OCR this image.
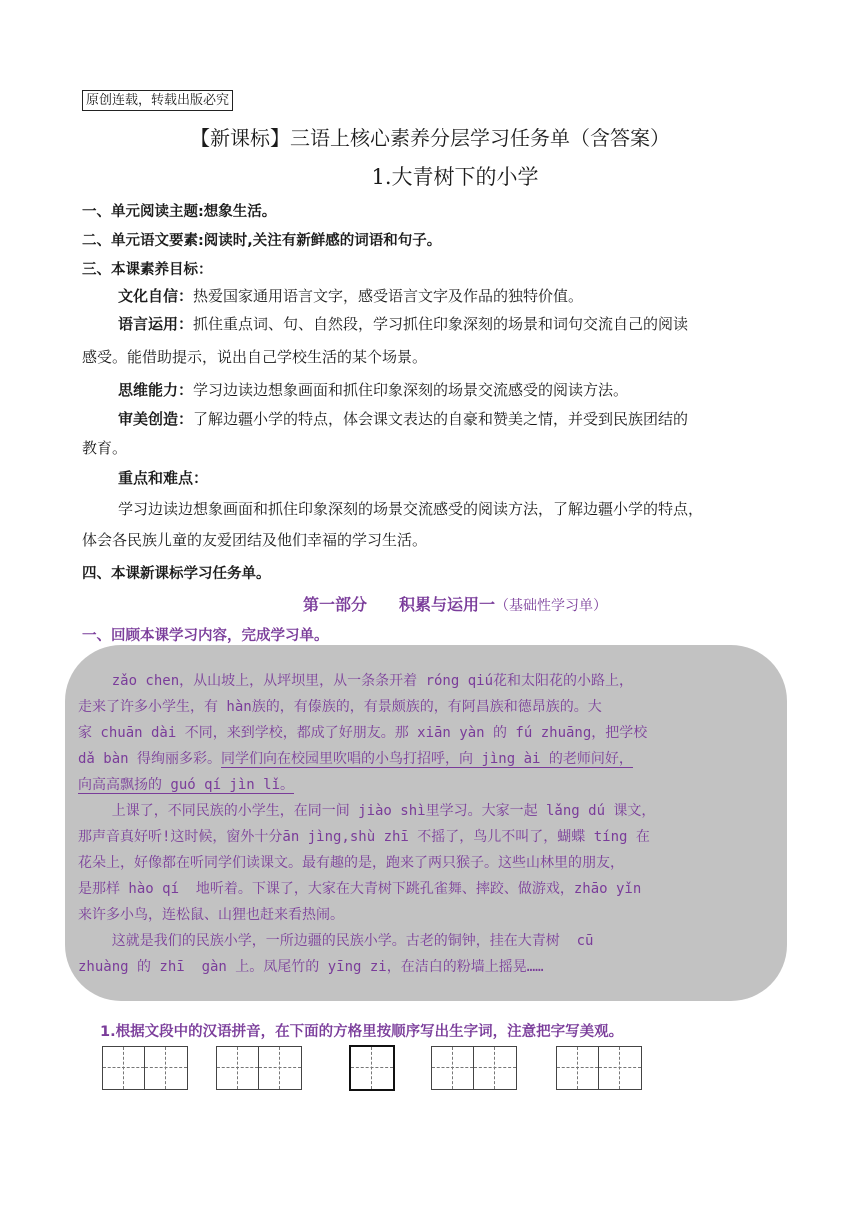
原创连载，转载出版必究
【新课标】三语上核心素养分层学习任务单（含答案）
1.大青树下的小学
一、单元阅读主题:想象生活。
二、单元语文要素:阅读时,关注有新鲜感的词语和句子。
三、本课素养目标：
文化自信：热爱国家通用语言文字，感受语言文字及作品的独特价值。
语言运用：抓住重点词、句、自然段，学习抓住印象深刻的场景和词句交流自己的阅读
感受。能借助提示，说出自己学校生活的某个场景。
思维能力：学习边读边想象画面和抓住印象深刻的场景交流感受的阅读方法。
审美创造：了解边疆小学的特点，体会课文表达的自豪和赞美之情，并受到民族团结的
教育。
重点和难点：
学习边读边想象画面和抓住印象深刻的场景交流感受的阅读方法，了解边疆小学的特点，
体会各民族儿童的友爱团结及他们幸福的学习生活。
四、本课新课标学习任务单。
第一部分　　积累与运用一（基础性学习单）
一、回顾本课学习内容，完成学习单。
zǎo chen，从山坡上，从坪坝里，从一条条开着 róng qiú花和太阳花的小路上，
走来了许多小学生，有 hàn族的，有傣族的，有景颇族的，有阿昌族和德昂族的。大
家 chuān dài 不同，来到学校，都成了好朋友。那 xiān yàn 的 fú zhuāng，把学校
dǎ bàn 得绚丽多彩。同学们向在校园里吹唱的小鸟打招呼，向 jìng ài 的老师问好，
向高高飘扬的 guó qí jìn lǐ。
上课了，不同民族的小学生，在同一间 jiào shì里学习。大家一起 lǎng dú 课文，
那声音真好听!这时候，窗外十分ān jìng,shù zhī 不摇了，鸟儿不叫了，蝴蝶 tíng 在
花朵上，好像都在听同学们读课文。最有趣的是，跑来了两只猴子。这些山林里的朋友，
是那样 hào qí  地听着。下课了，大家在大青树下跳孔雀舞、摔跤、做游戏，zhāo yǐn
来许多小鸟，连松鼠、山狸也赶来看热闹。
这就是我们的民族小学，一所边疆的民族小学。古老的铜钟，挂在大青树  cū
zhuàng 的 zhī  gàn 上。凤尾竹的 yīng zi，在洁白的粉墙上摇晃……
1.根据文段中的汉语拼音，在下面的方格里按顺序写出生字词，注意把字写美观。
